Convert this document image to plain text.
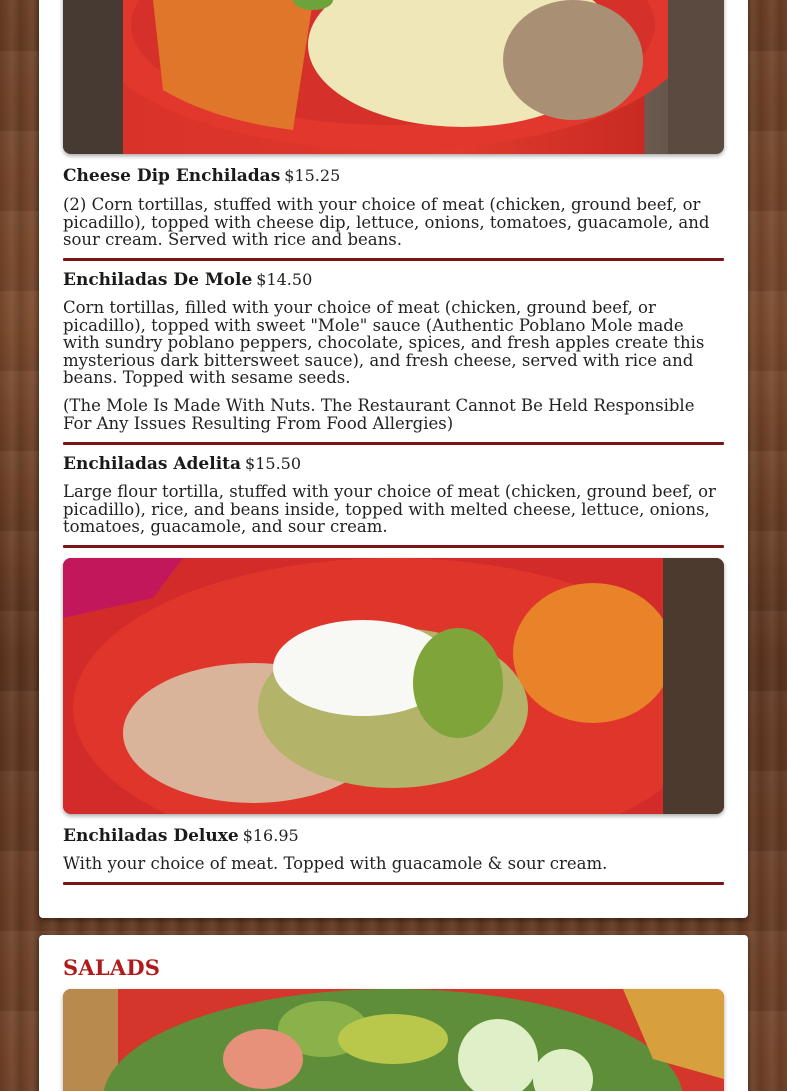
Cheese Dip Enchiladas $15.25

(2) Corn tortillas, stuffed with your choice of meat (chicken, ground beef, or picadillo), topped with cheese dip, lettuce, onions, tomatoes, guacamole, and sour cream. Served with rice and beans.

Enchiladas De Mole $14.50

Corn tortillas, filled with your choice of meat (chicken, ground beef, or picadillo), topped with sweet "Mole" sauce (Authentic Poblano Mole made with sundry poblano peppers, chocolate, spices, and fresh apples create this mysterious dark bittersweet sauce), and fresh cheese, served with rice and beans. Topped with sesame seeds.

(The Mole Is Made With Nuts. The Restaurant Cannot Be Held Responsible For Any Issues Resulting From Food Allergies)

Enchiladas Adelita $15.50

Large flour tortilla, stuffed with your choice of meat (chicken, ground beef, or picadillo), rice, and beans inside, topped with melted cheese, lettuce, onions, tomatoes, guacamole, and sour cream.

Enchiladas Deluxe $16.95

With your choice of meat. Topped with guacamole & sour cream.

SALADS
